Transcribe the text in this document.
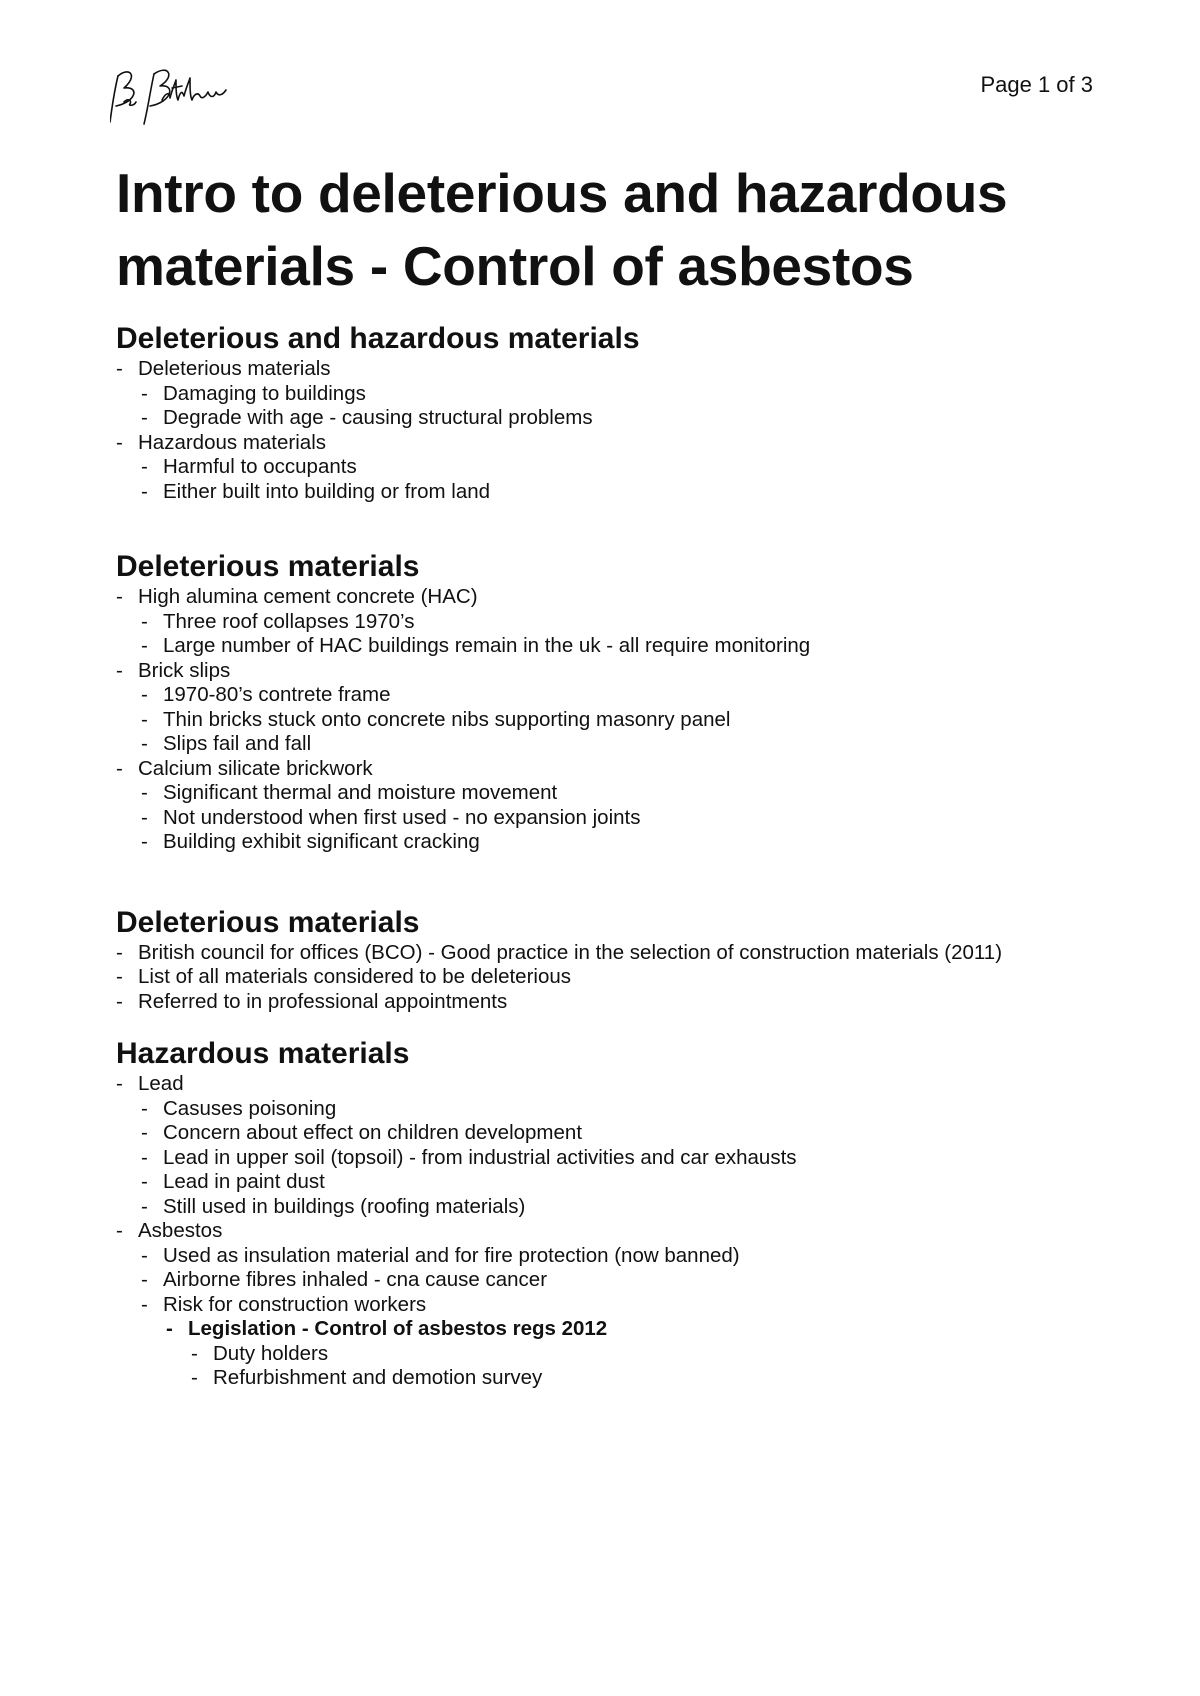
Page 1 of 3
Intro to deleterious and hazardous materials - Control of asbestos
Deleterious and hazardous materials
- Deleterious materials
- Damaging to buildings
- Degrade with age - causing structural problems
- Hazardous materials
- Harmful to occupants
- Either built into building or from land
Deleterious materials
- High alumina cement concrete (HAC)
- Three roof collapses 1970’s
- Large number of HAC buildings remain in the uk - all require monitoring
- Brick slips
- 1970-80’s contrete frame
- Thin bricks stuck onto concrete nibs supporting masonry panel
- Slips fail and fall
- Calcium silicate brickwork
- Significant thermal and moisture movement
- Not understood when first used - no expansion joints
- Building exhibit significant cracking
Deleterious materials
- British council for offices (BCO) - Good practice in the selection of construction materials (2011)
- List of all materials considered to be deleterious
- Referred to in professional appointments
Hazardous materials
- Lead
- Casuses poisoning
- Concern about effect on children development
- Lead in upper soil (topsoil) - from industrial activities and car exhausts
- Lead in paint dust
- Still used in buildings (roofing materials)
- Asbestos
- Used as insulation material and for fire protection (now banned)
- Airborne fibres inhaled - cna cause cancer
- Risk for construction workers
- Legislation - Control of asbestos regs 2012
- Duty holders
- Refurbishment and demotion survey
